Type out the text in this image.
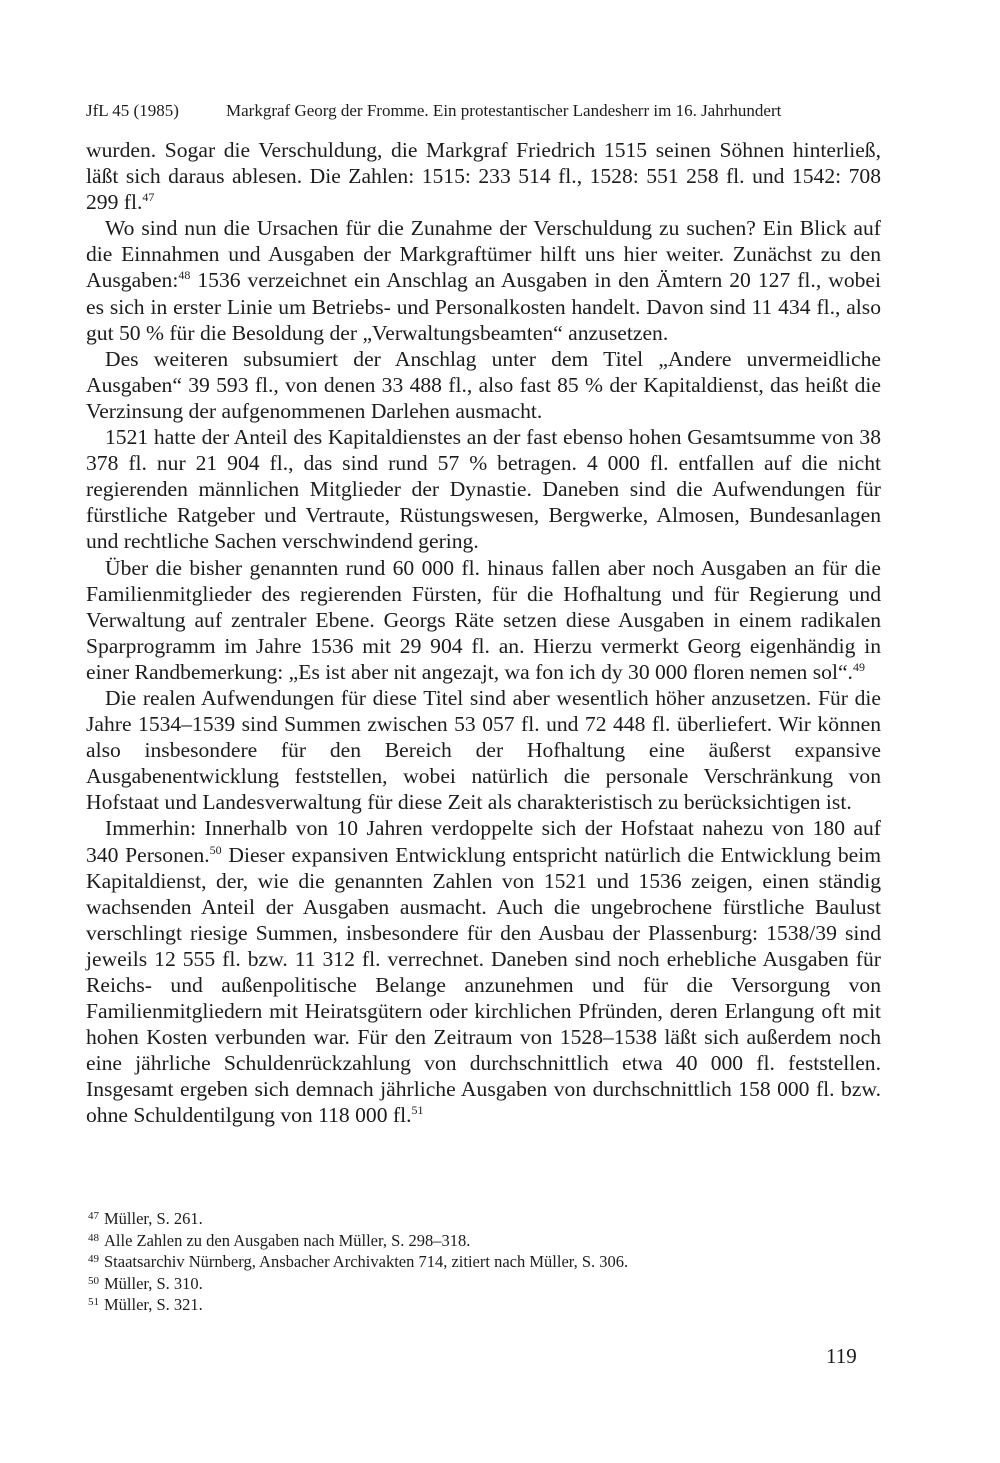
JfL 45 (1985)	Markgraf Georg der Fromme. Ein protestantischer Landesherr im 16. Jahrhundert

wurden. Sogar die Verschuldung, die Markgraf Friedrich 1515 seinen Söhnen hinterließ, läßt sich daraus ablesen. Die Zahlen: 1515: 233 514 fl., 1528: 551 258 fl. und 1542: 708 299 fl.$^{47}$

Wo sind nun die Ursachen für die Zunahme der Verschuldung zu suchen? Ein Blick auf die Einnahmen und Ausgaben der Markgraftümer hilft uns hier weiter. Zunächst zu den Ausgaben:$^{48}$ 1536 verzeichnet ein Anschlag an Ausgaben in den Ämtern 20 127 fl., wobei es sich in erster Linie um Betriebs- und Personalkosten handelt. Davon sind 11 434 fl., also gut 50 % für die Besoldung der „Verwaltungsbeamten“ anzusetzen.

Des weiteren subsumiert der Anschlag unter dem Titel „Andere unvermeidliche Ausgaben“ 39 593 fl., von denen 33 488 fl., also fast 85 % der Kapitaldienst, das heißt die Verzinsung der aufgenommenen Darlehen ausmacht.

1521 hatte der Anteil des Kapitaldienstes an der fast ebenso hohen Gesamtsumme von 38 378 fl. nur 21 904 fl., das sind rund 57 % betragen. 4 000 fl. entfallen auf die nicht regierenden männlichen Mitglieder der Dynastie. Daneben sind die Aufwendungen für fürstliche Ratgeber und Vertraute, Rüstungswesen, Bergwerke, Almosen, Bundesanlagen und rechtliche Sachen verschwindend gering.

Über die bisher genannten rund 60 000 fl. hinaus fallen aber noch Ausgaben an für die Familienmitglieder des regierenden Fürsten, für die Hofhaltung und für Regierung und Verwaltung auf zentraler Ebene. Georgs Räte setzen diese Ausgaben in einem radikalen Sparprogramm im Jahre 1536 mit 29 904 fl. an. Hierzu vermerkt Georg eigenhändig in einer Randbemerkung: „Es ist aber nit angezajt, wa fon ich dy 30 000 floren nemen sol“.$^{49}$

Die realen Aufwendungen für diese Titel sind aber wesentlich höher anzusetzen. Für die Jahre 1534–1539 sind Summen zwischen 53 057 fl. und 72 448 fl. überliefert. Wir können also insbesondere für den Bereich der Hofhaltung eine äußerst expansive Ausgabenentwicklung feststellen, wobei natürlich die personale Verschränkung von Hofstaat und Landesverwaltung für diese Zeit als charakteristisch zu berücksichtigen ist.

Immerhin: Innerhalb von 10 Jahren verdoppelte sich der Hofstaat nahezu von 180 auf 340 Personen.$^{50}$ Dieser expansiven Entwicklung entspricht natürlich die Entwicklung beim Kapitaldienst, der, wie die genannten Zahlen von 1521 und 1536 zeigen, einen ständig wachsenden Anteil der Ausgaben ausmacht. Auch die ungebrochene fürstliche Baulust verschlingt riesige Summen, insbesondere für den Ausbau der Plassenburg: 1538/39 sind jeweils 12 555 fl. bzw. 11 312 fl. verrechnet. Daneben sind noch erhebliche Ausgaben für Reichs- und außenpolitische Belange anzunehmen und für die Versorgung von Familienmitgliedern mit Heiratsgütern oder kirchlichen Pfründen, deren Erlangung oft mit hohen Kosten verbunden war. Für den Zeitraum von 1528–1538 läßt sich außerdem noch eine jährliche Schuldenrückzahlung von durchschnittlich etwa 40 000 fl. feststellen. Insgesamt ergeben sich demnach jährliche Ausgaben von durchschnittlich 158 000 fl. bzw. ohne Schuldentilgung von 118 000 fl.$^{51}$

$^{47}$ Müller, S. 261.
$^{48}$ Alle Zahlen zu den Ausgaben nach Müller, S. 298–318.
$^{49}$ Staatsarchiv Nürnberg, Ansbacher Archivakten 714, zitiert nach Müller, S. 306.
$^{50}$ Müller, S. 310.
$^{51}$ Müller, S. 321.
119
